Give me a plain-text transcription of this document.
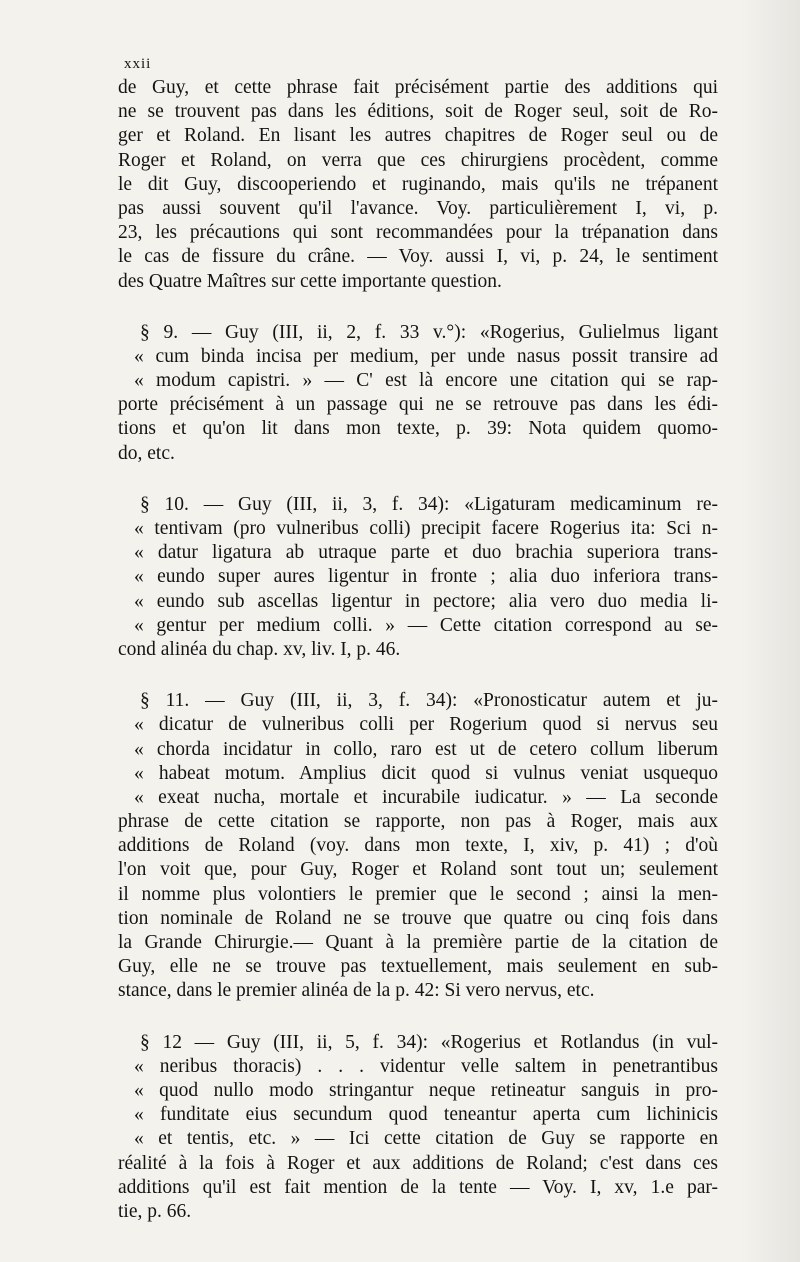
xxii
de Guy, et cette phrase fait précisément partie des additions qui
ne se trouvent pas dans les éditions, soit de Roger seul, soit de Ro-
ger et Roland. En lisant les autres chapitres de Roger seul ou de
Roger et Roland, on verra que ces chirurgiens procèdent, comme
le dit Guy, discooperiendo et ruginando, mais qu'ils ne trépanent
pas aussi souvent qu'il l'avance. Voy. particulièrement I, vi, p.
23, les précautions qui sont recommandées pour la trépanation dans
le cas de fissure du crâne. — Voy. aussi I, vi, p. 24, le sentiment
des Quatre Maîtres sur cette importante question.
§ 9. — Guy (III, ii, 2, f. 33 v.°): «Rogerius, Gulielmus ligant
« cum binda incisa per medium, per unde nasus possit transire ad
« modum capistri. » — C' est là encore une citation qui se rap-
porte précisément à un passage qui ne se retrouve pas dans les édi-
tions et qu'on lit dans mon texte, p. 39: Nota quidem quomo-
do, etc.
§ 10. — Guy (III, ii, 3, f. 34): «Ligaturam medicaminum re-
« tentivam (pro vulneribus colli) precipit facere Rogerius ita: Sci n-
« datur ligatura ab utraque parte et duo brachia superiora trans-
« eundo super aures ligentur in fronte ; alia duo inferiora trans-
« eundo sub ascellas ligentur in pectore; alia vero duo media li-
« gentur per medium colli. » — Cette citation correspond au se-
cond alinéa du chap. xv, liv. I, p. 46.
§ 11. — Guy (III, ii, 3, f. 34): «Pronosticatur autem et ju-
« dicatur de vulneribus colli per Rogerium quod si nervus seu
« chorda incidatur in collo, raro est ut de cetero collum liberum
« habeat motum. Amplius dicit quod si vulnus veniat usquequo
« exeat nucha, mortale et incurabile iudicatur. » — La seconde
phrase de cette citation se rapporte, non pas à Roger, mais aux
additions de Roland (voy. dans mon texte, I, xiv, p. 41) ; d'où
l'on voit que, pour Guy, Roger et Roland sont tout un; seulement
il nomme plus volontiers le premier que le second ; ainsi la men-
tion nominale de Roland ne se trouve que quatre ou cinq fois dans
la Grande Chirurgie.— Quant à la première partie de la citation de
Guy, elle ne se trouve pas textuellement, mais seulement en sub-
stance, dans le premier alinéa de la p. 42: Si vero nervus, etc.
§ 12 — Guy (III, ii, 5, f. 34): «Rogerius et Rotlandus (in vul-
« neribus thoracis) . . . videntur velle saltem in penetrantibus
« quod nullo modo stringantur neque retineatur sanguis in pro-
« funditate eius secundum quod teneantur aperta cum lichinicis
« et tentis, etc. » — Ici cette citation de Guy se rapporte en
réalité à la fois à Roger et aux additions de Roland; c'est dans ces
additions qu'il est fait mention de la tente — Voy. I, xv, 1.e par-
tie, p. 66.
